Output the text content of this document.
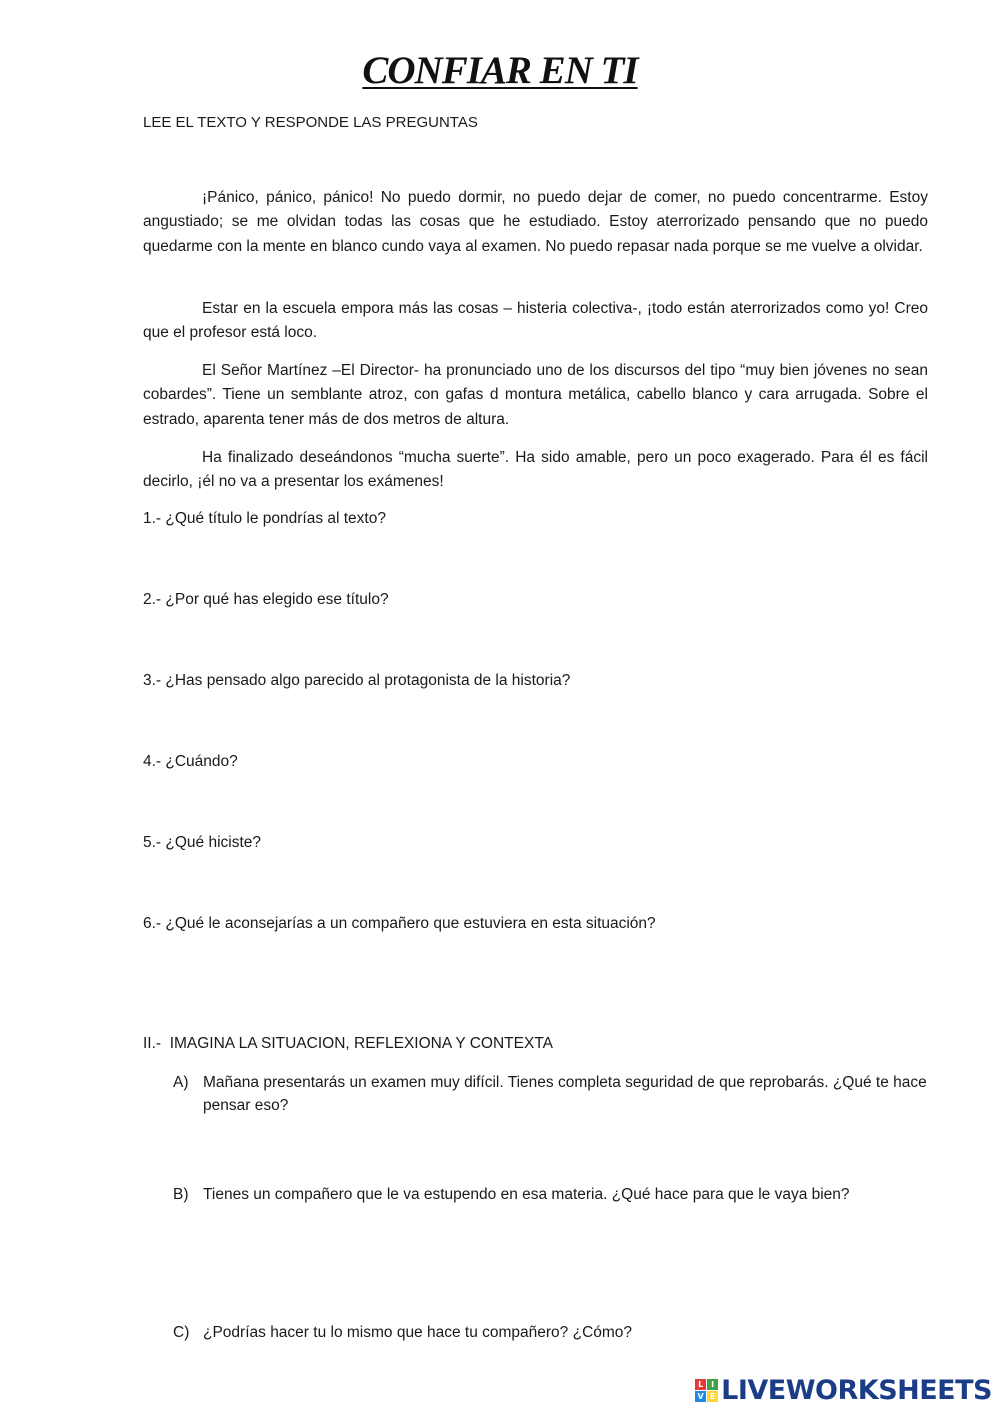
CONFIAR EN TI

LEE EL TEXTO Y RESPONDE LAS PREGUNTAS

¡Pánico, pánico, pánico! No puedo dormir, no puedo dejar de comer, no puedo concentrarme. Estoy angustiado; se me olvidan todas las cosas que he estudiado. Estoy aterrorizado pensando que no puedo quedarme con la mente en blanco cundo vaya al examen. No puedo repasar nada porque se me vuelve a olvidar.

Estar en la escuela empora más las cosas – histeria colectiva-, ¡todo están aterrorizados como yo! Creo que el profesor está loco.

El Señor Martínez –El Director- ha pronunciado uno de los discursos del tipo “muy bien jóvenes no sean cobardes”. Tiene un semblante atroz, con gafas d montura metálica, cabello blanco y cara arrugada. Sobre el estrado, aparenta tener más de dos metros de altura.

Ha finalizado deseándonos “mucha suerte”. Ha sido amable, pero un poco exagerado. Para él es fácil decirlo, ¡él no va a presentar los exámenes!

1.- ¿Qué título le pondrías al texto?

2.- ¿Por qué has elegido ese título?

3.- ¿Has pensado algo parecido al protagonista de la historia?

4.- ¿Cuándo?

5.- ¿Qué hiciste?

6.- ¿Qué le aconsejarías a un compañero que estuviera en esta situación?

II.-  IMAGINA LA SITUACION, REFLEXIONA Y CONTEXTA

A) Mañana presentarás un examen muy difícil. Tienes completa seguridad de que reprobarás. ¿Qué te hace pensar eso?
B) Tienes un compañero que le va estupendo en esa materia. ¿Qué hace para que le vaya bien?
C) ¿Podrías hacer tu lo mismo que hace tu compañero? ¿Cómo?
L I
V E LIVEWORKSHEETS
